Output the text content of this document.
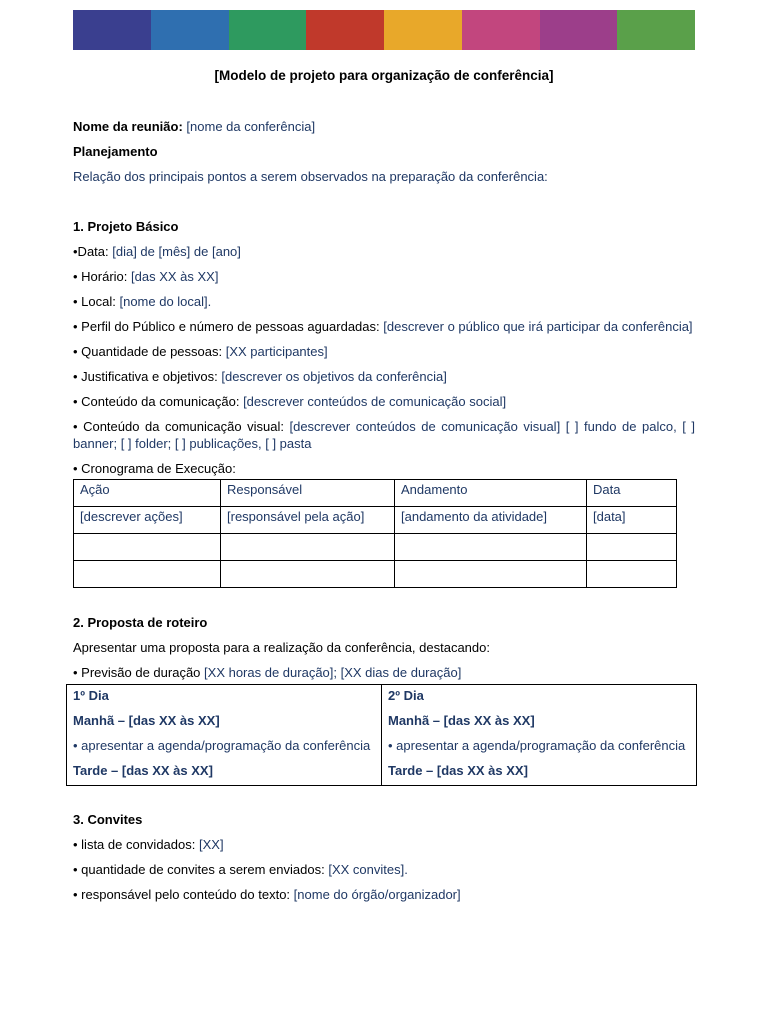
[Modelo de projeto para organização de conferência]

Nome da reunião: [nome da conferência]

Planejamento

Relação dos principais pontos a serem observados na preparação da conferência:

1. Projeto Básico

•Data: [dia] de [mês] de [ano]

• Horário: [das XX às XX]

• Local: [nome do local].

• Perfil do Público e número de pessoas aguardadas: [descrever o público que irá participar da conferência]

• Quantidade de pessoas: [XX participantes]

• Justificativa e objetivos: [descrever os objetivos da conferência]

• Conteúdo da comunicação: [descrever conteúdos de comunicação social]

• Conteúdo da comunicação visual: [descrever conteúdos de comunicação visual] [ ] fundo de palco, [ ] banner; [ ] folder; [ ] publicações, [ ] pasta

• Cronograma de Execução:

Ação	Responsável	Andamento	Data
[descrever ações]	[responsável pela ação]	[andamento da atividade]	[data]

2. Proposta de roteiro

Apresentar uma proposta para a realização da conferência, destacando:

• Previsão de duração [XX horas de duração]; [XX dias de duração]

1º Dia

Manhã – [das XX às XX]

• apresentar a agenda/programação da conferência

Tarde – [das XX às XX]

2º Dia

Manhã – [das XX às XX]

• apresentar a agenda/programação da conferência

Tarde – [das XX às XX]

3. Convites

• lista de convidados: [XX]

• quantidade de convites a serem enviados: [XX convites].

• responsável pelo conteúdo do texto: [nome do órgão/organizador]
